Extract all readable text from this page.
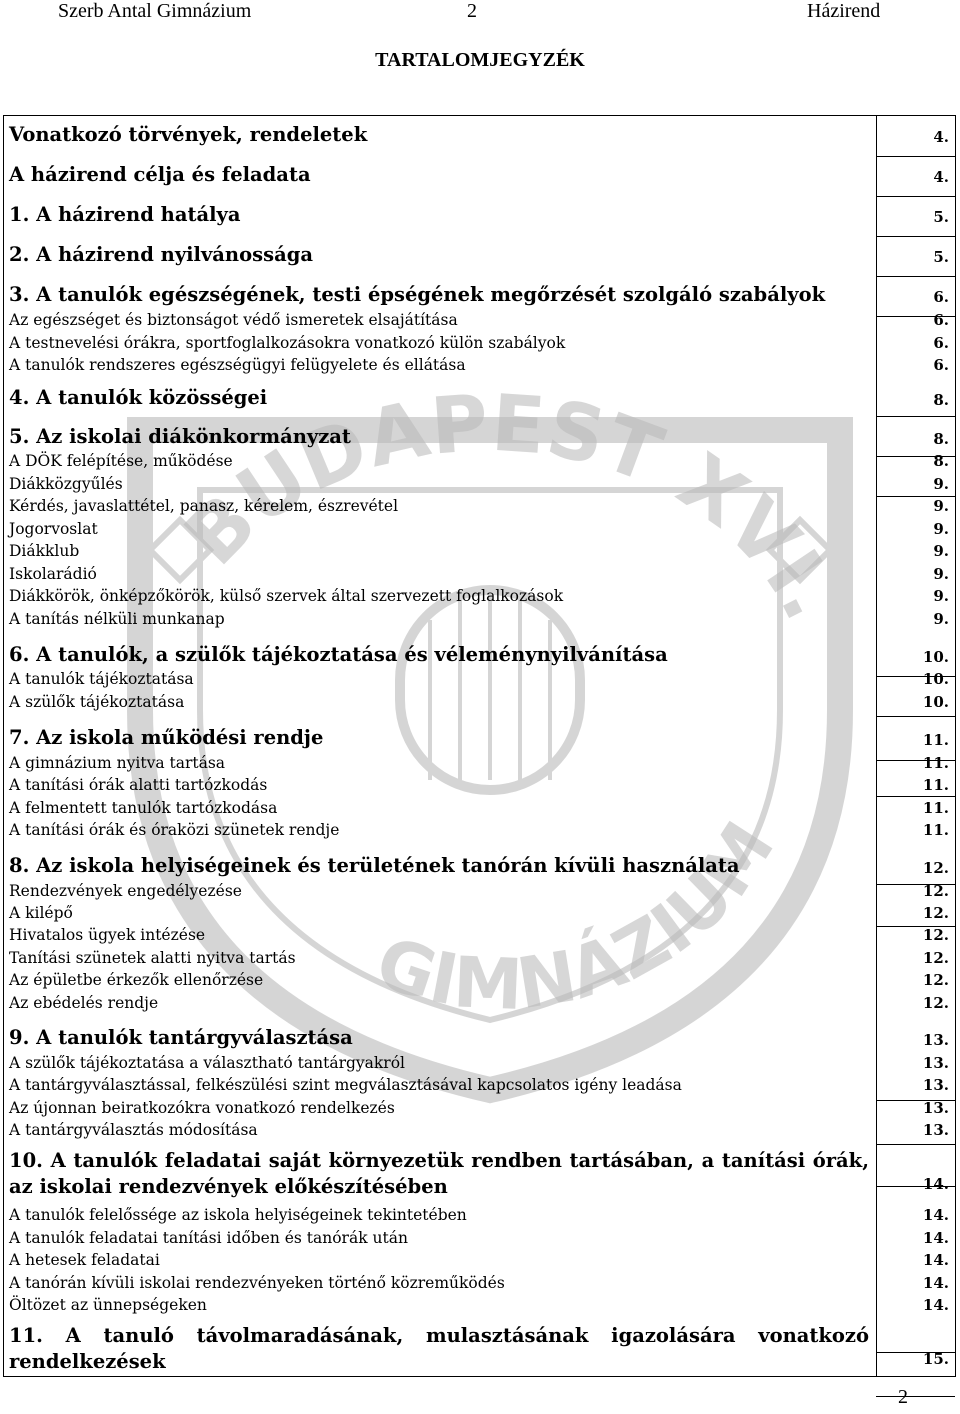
BUDAPEST XVI.
GIMNÁZIUM
Szerb Antal Gimnázium	2	Házirend
TARTALOMJEGYZÉK
Vonatkozó törvények, rendeletek	4.
A házirend célja és feladata	4.
1. A házirend hatálya	5.
2. A házirend nyilvánossága	5.
3. A tanulók egészségének, testi épségének megőrzését szolgáló szabályok	6.
Az egészséget és biztonságot védő ismeretek elsajátítása	6.
A testnevelési órákra, sportfoglalkozásokra vonatkozó külön szabályok	6.
A tanulók rendszeres egészségügyi felügyelete és ellátása	6.
4. A tanulók közösségei	8.
5. Az iskolai diákönkormányzat	8.
A DÖK felépítése, működése	8.
Diákközgyűlés	9.
Kérdés, javaslattétel, panasz, kérelem, észrevétel	9.
Jogorvoslat	9.
Diákklub	9.
Iskolarádió	9.
Diákkörök, önképzőkörök, külső szervek által szervezett foglalkozások	9.
A tanítás nélküli munkanap	9.
6. A tanulók, a szülők tájékoztatása és véleménynyilvánítása	10.
A tanulók tájékoztatása	10.
A szülők tájékoztatása	10.
7. Az iskola működési rendje	11.
A gimnázium nyitva tartása	11.
A tanítási órák alatti tartózkodás	11.
A felmentett tanulók tartózkodása	11.
A tanítási órák és óraközi szünetek rendje	11.
8. Az iskola helyiségeinek és területének tanórán kívüli használata	12.
Rendezvények engedélyezése	12.
A kilépő	12.
Hivatalos ügyek intézése	12.
Tanítási szünetek alatti nyitva tartás	12.
Az épületbe érkezők ellenőrzése	12.
Az ebédelés rendje	12.
9. A tanulók tantárgyválasztása	13.
A szülők tájékoztatása a választható tantárgyakról	13.
A tantárgyválasztással, felkészülési szint megválasztásával kapcsolatos igény leadása	13.
Az újonnan beiratkozókra vonatkozó rendelkezés	13.
A tantárgyválasztás módosítása	13.
10. A tanulók feladatai saját környezetük rendben tartásában, a tanítási órák, az iskolai rendezvények előkészítésében	14.
A tanulók felelőssége az iskola helyiségeinek tekintetében	14.
A tanulók feladatai tanítási időben és tanórák után	14.
A hetesek feladatai	14.
A tanórán kívüli iskolai rendezvényeken történő közreműködés	14.
Öltözet az ünnepségeken	14.
11. A tanuló távolmaradásának, mulasztásának igazolására vonatkozó rendelkezések	15.
2
